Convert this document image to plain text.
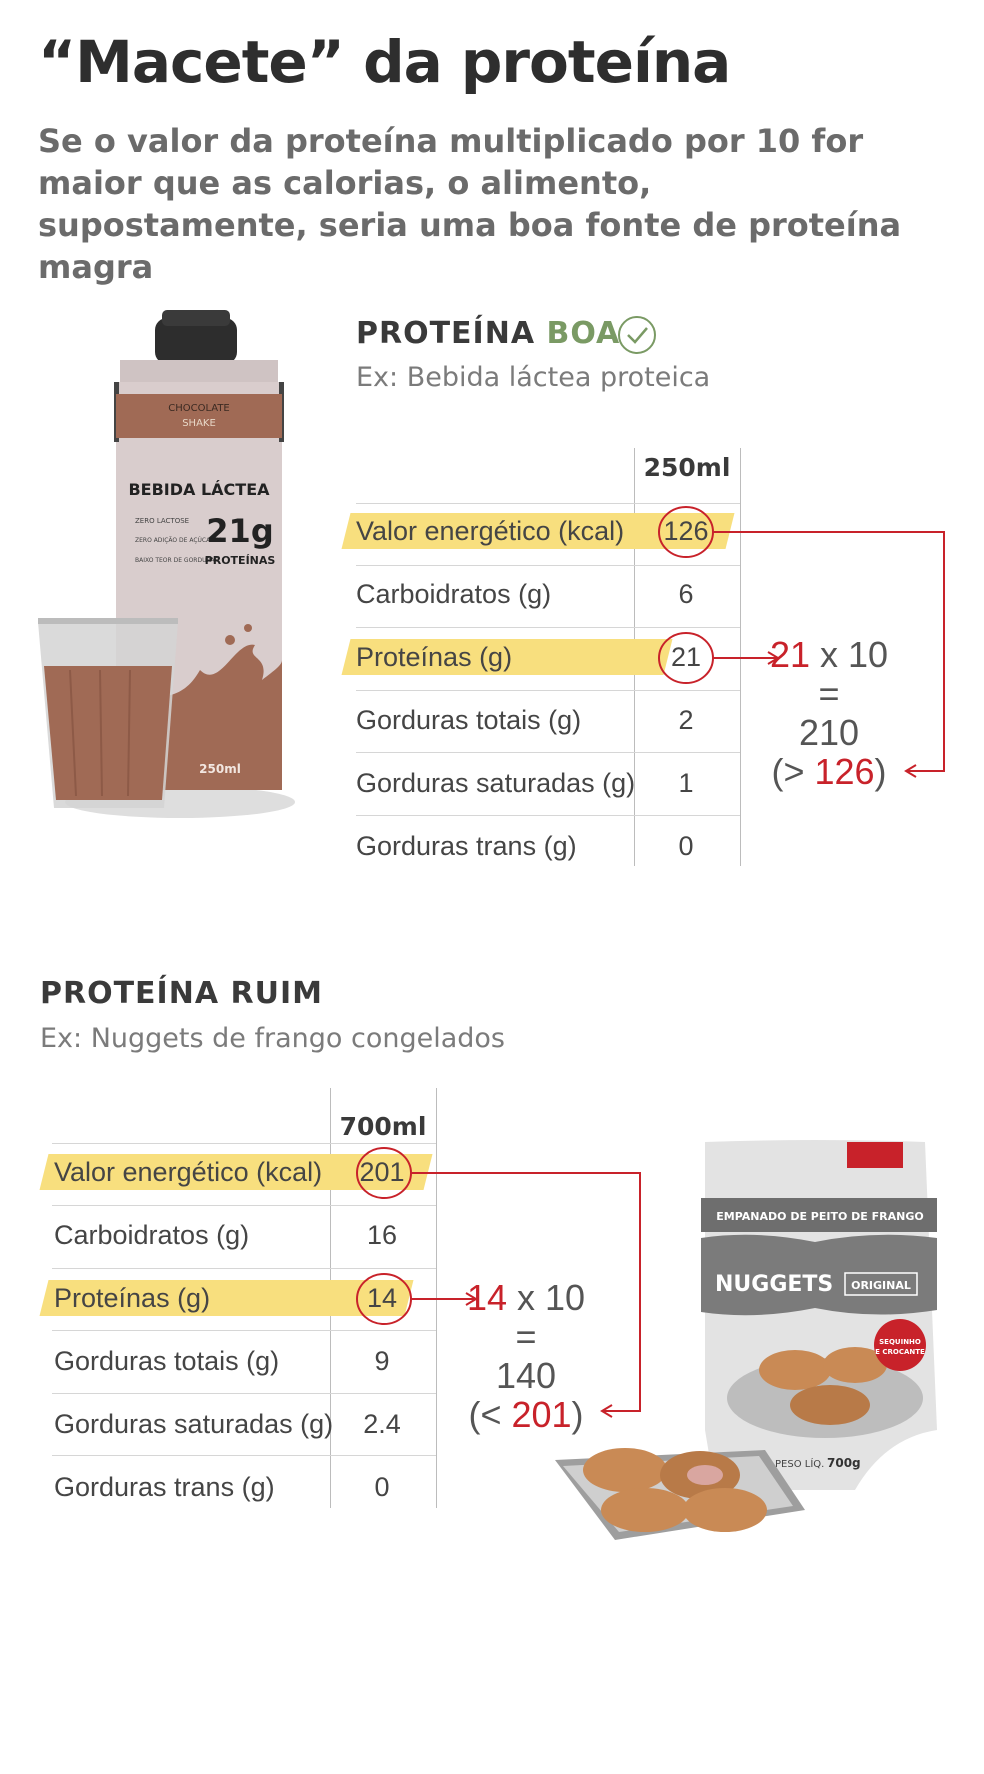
“Macete” da proteína
Se o valor da proteína multiplicado por 10 for maior que as calorias, o alimento, supostamente, seria uma boa fonte de proteína magra
PROTEÍNA BOA
Ex: Bebida láctea proteica
250ml
Valor energético (kcal)	126
Carboidratos (g)	6
Proteínas (g)	21
Gorduras totais (g)	2
Gorduras saturadas (g)	1
Gorduras trans (g)	0
21 x 10
=
210
(> 126)
CHOCOLATE
SHAKE
BEBIDA LÁCTEA
ZERO LACTOSE
ZERO ADIÇÃO DE AÇÚCARES
BAIXO TEOR DE GORDURAS
21g
PROTEÍNAS
250ml
PROTEÍNA RUIM
Ex: Nuggets de frango congelados
700ml
Valor energético (kcal)	201
Carboidratos (g)	16
Proteínas (g)	14
Gorduras totais (g)	9
Gorduras saturadas (g)	2.4
Gorduras trans (g)	0
14 x 10
=
140
(< 201)
EMPANADO DE PEITO DE FRANGO
NUGGETS ORIGINAL
SEQUINHO
E CROCANTE
PESO LÍQ. 700g
